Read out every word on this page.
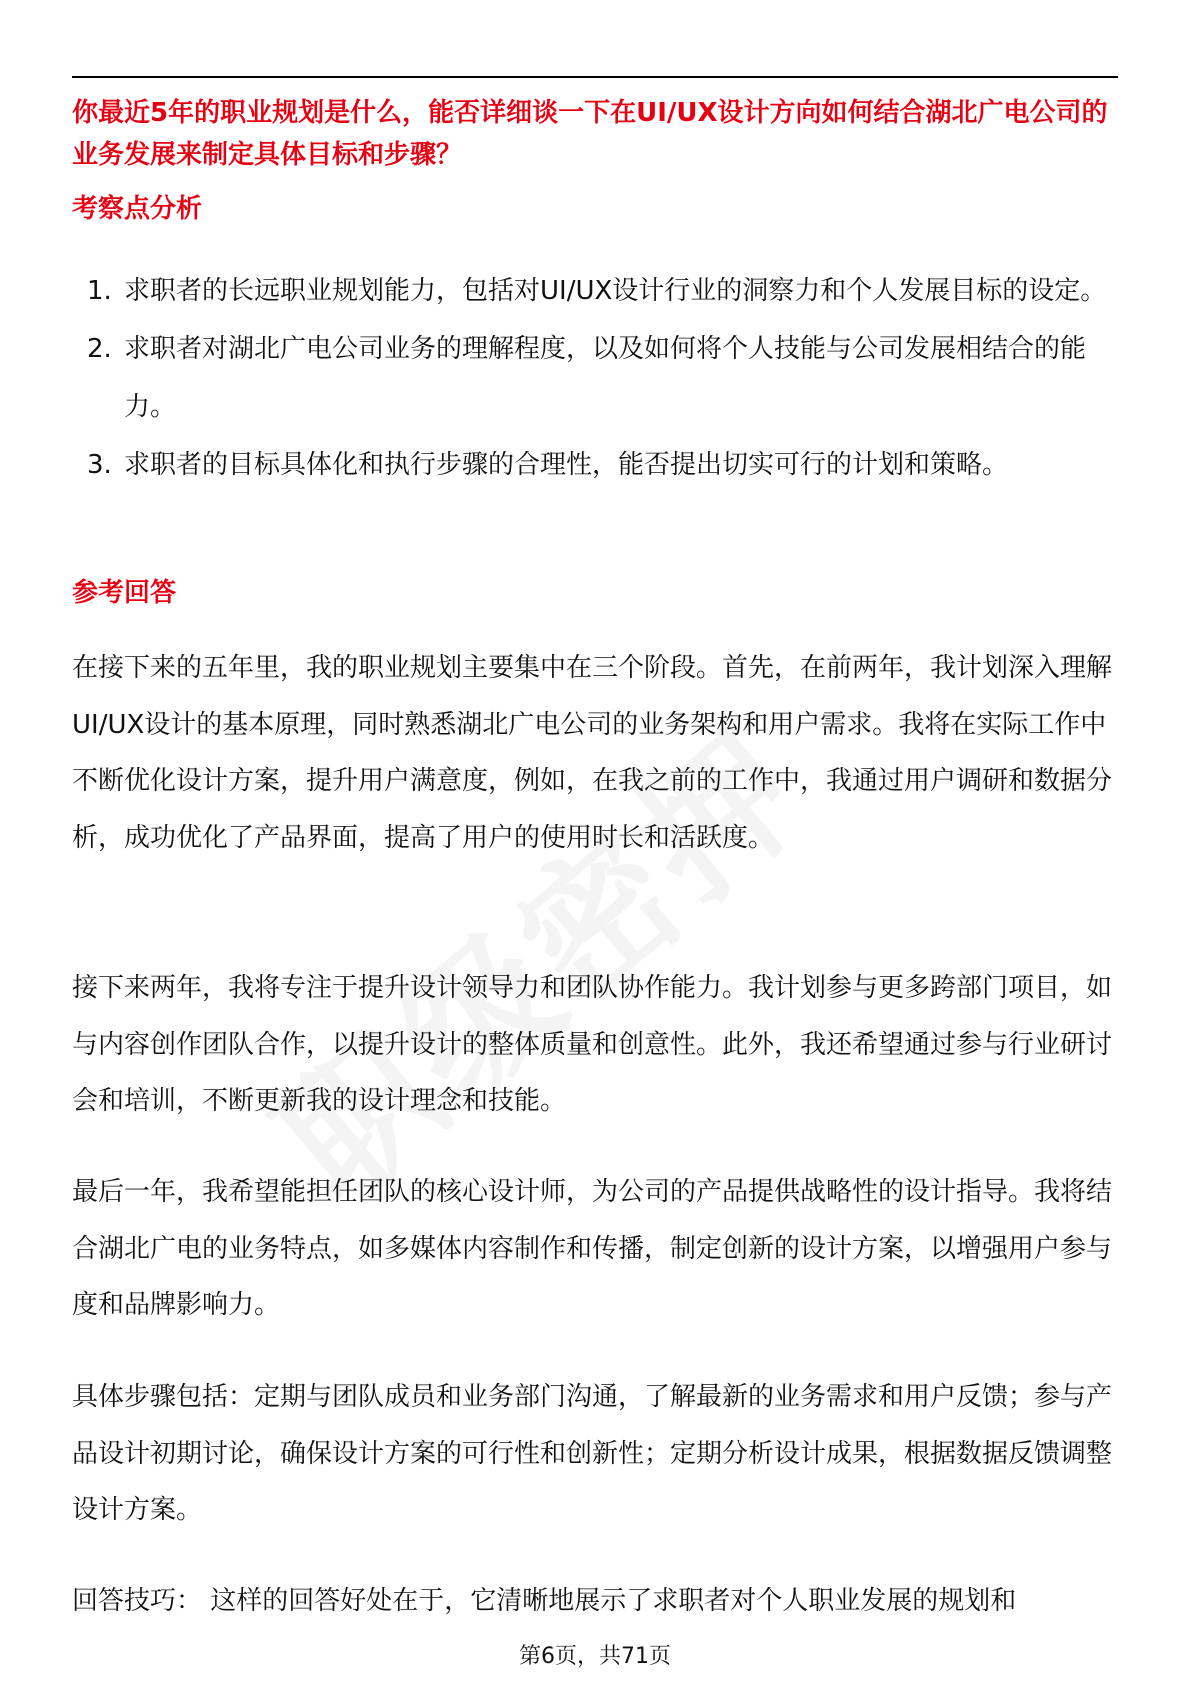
你最近5年的职业规划是什么，能否详细谈一下在UI/UX设计方向如何结合湖北广电公司的业务发展来制定具体目标和步骤？

考察点分析
1. 求职者的长远职业规划能力，包括对UI/UX设计行业的洞察力和个人发展目标的设定。
2. 求职者对湖北广电公司业务的理解程度，以及如何将个人技能与公司发展相结合的能力。
3. 求职者的目标具体化和执行步骤的合理性，能否提出切实可行的计划和策略。
参考回答

在接下来的五年里，我的职业规划主要集中在三个阶段。首先，在前两年，我计划深入理解UI/UX设计的基本原理，同时熟悉湖北广电公司的业务架构和用户需求。我将在实际工作中不断优化设计方案，提升用户满意度，例如，在我之前的工作中，我通过用户调研和数据分析，成功优化了产品界面，提高了用户的使用时长和活跃度。

接下来两年，我将专注于提升设计领导力和团队协作能力。我计划参与更多跨部门项目，如与内容创作团队合作，以提升设计的整体质量和创意性。此外，我还希望通过参与行业研讨会和培训，不断更新我的设计理念和技能。

最后一年，我希望能担任团队的核心设计师，为公司的产品提供战略性的设计指导。我将结合湖北广电的业务特点，如多媒体内容制作和传播，制定创新的设计方案，以增强用户参与度和品牌影响力。

具体步骤包括：定期与团队成员和业务部门沟通，了解最新的业务需求和用户反馈；参与产品设计初期讨论，确保设计方案的可行性和创新性；定期分析设计成果，根据数据反馈调整设计方案。

回答技巧： 这样的回答好处在于，它清晰地展示了求职者对个人职业发展的规划和

第6页，共71页
